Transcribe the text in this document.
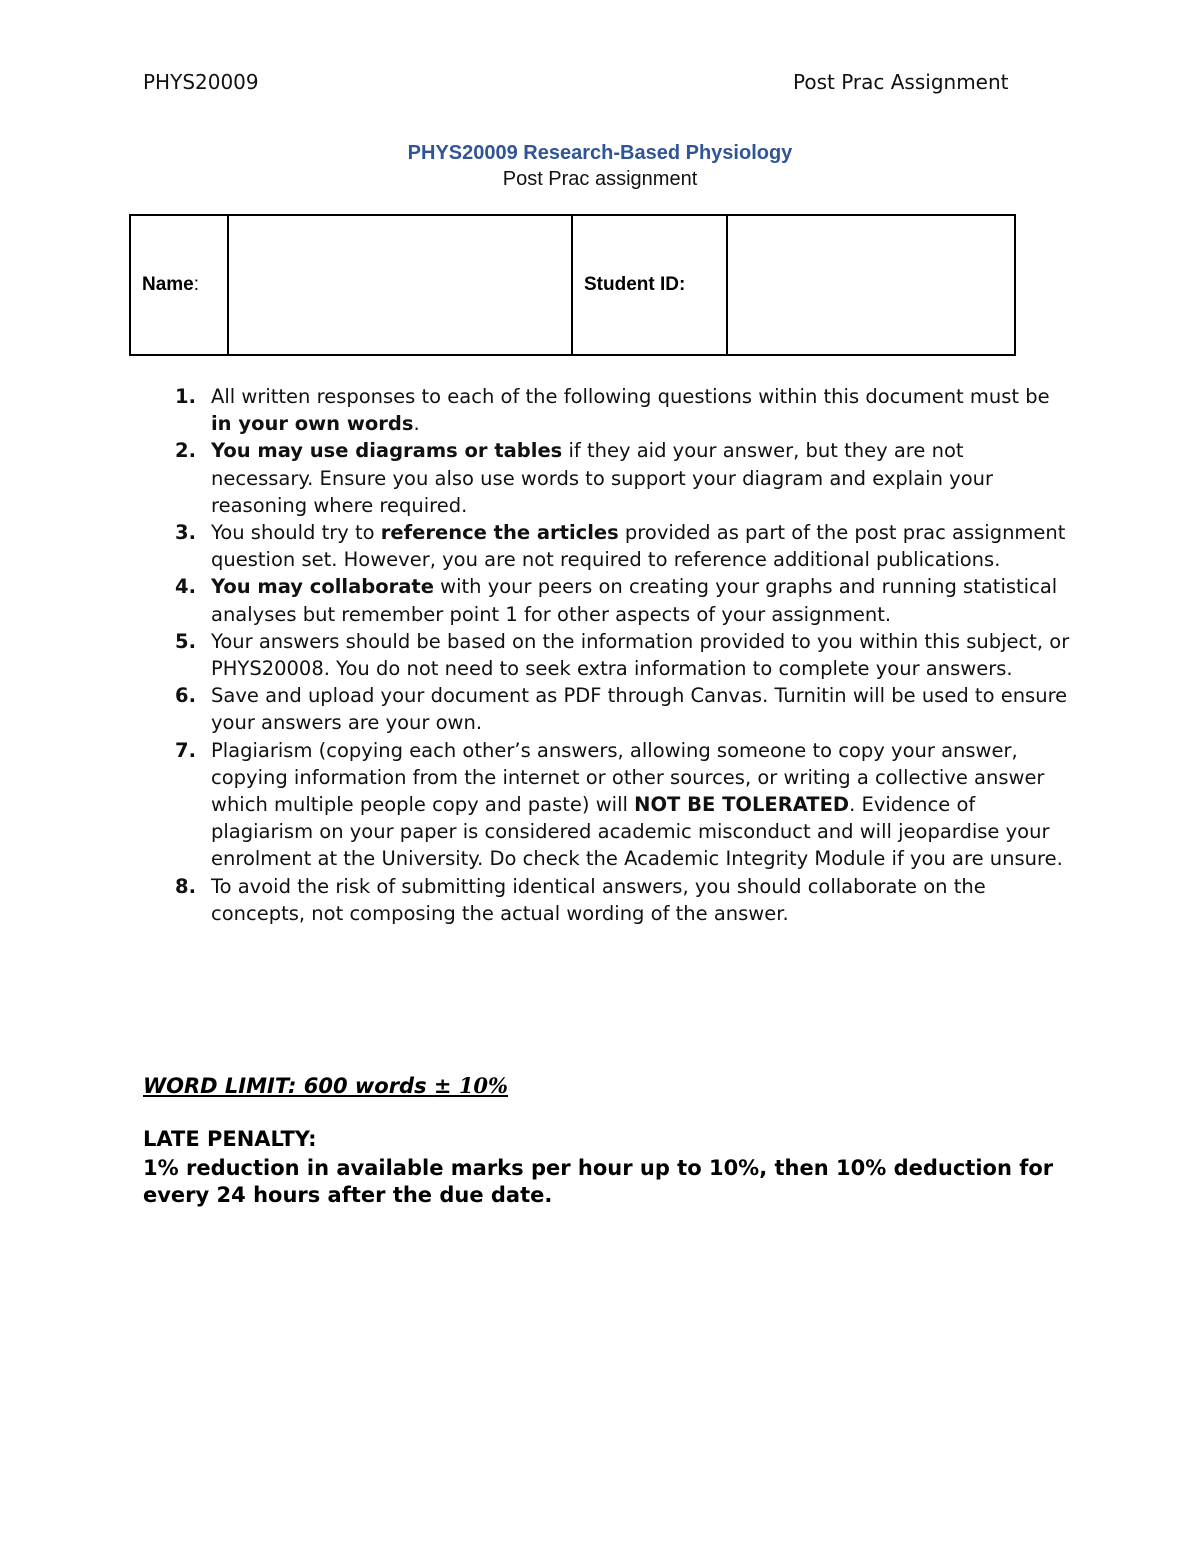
PHYS20009	Post Prac Assignment
PHYS20009 Research-Based Physiology
Post Prac assignment
Name:		Student ID:	
1. All written responses to each of the following questions within this document must be in your own words.
2. You may use diagrams or tables if they aid your answer, but they are not necessary. Ensure you also use words to support your diagram and explain your reasoning where required.
3. You should try to reference the articles provided as part of the post prac assignment question set. However, you are not required to reference additional publications.
4. You may collaborate with your peers on creating your graphs and running statistical analyses but remember point 1 for other aspects of your assignment.
5. Your answers should be based on the information provided to you within this subject, or PHYS20008. You do not need to seek extra information to complete your answers.
6. Save and upload your document as PDF through Canvas. Turnitin will be used to ensure your answers are your own.
7. Plagiarism (copying each other’s answers, allowing someone to copy your answer, copying information from the internet or other sources, or writing a collective answer which multiple people copy and paste) will NOT BE TOLERATED. Evidence of plagiarism on your paper is considered academic misconduct and will jeopardise your enrolment at the University. Do check the Academic Integrity Module if you are unsure.
8. To avoid the risk of submitting identical answers, you should collaborate on the concepts, not composing the actual wording of the answer.
WORD LIMIT: 600 words ± 10%
LATE PENALTY:
1% reduction in available marks per hour up to 10%, then 10% deduction for every 24 hours after the due date.
